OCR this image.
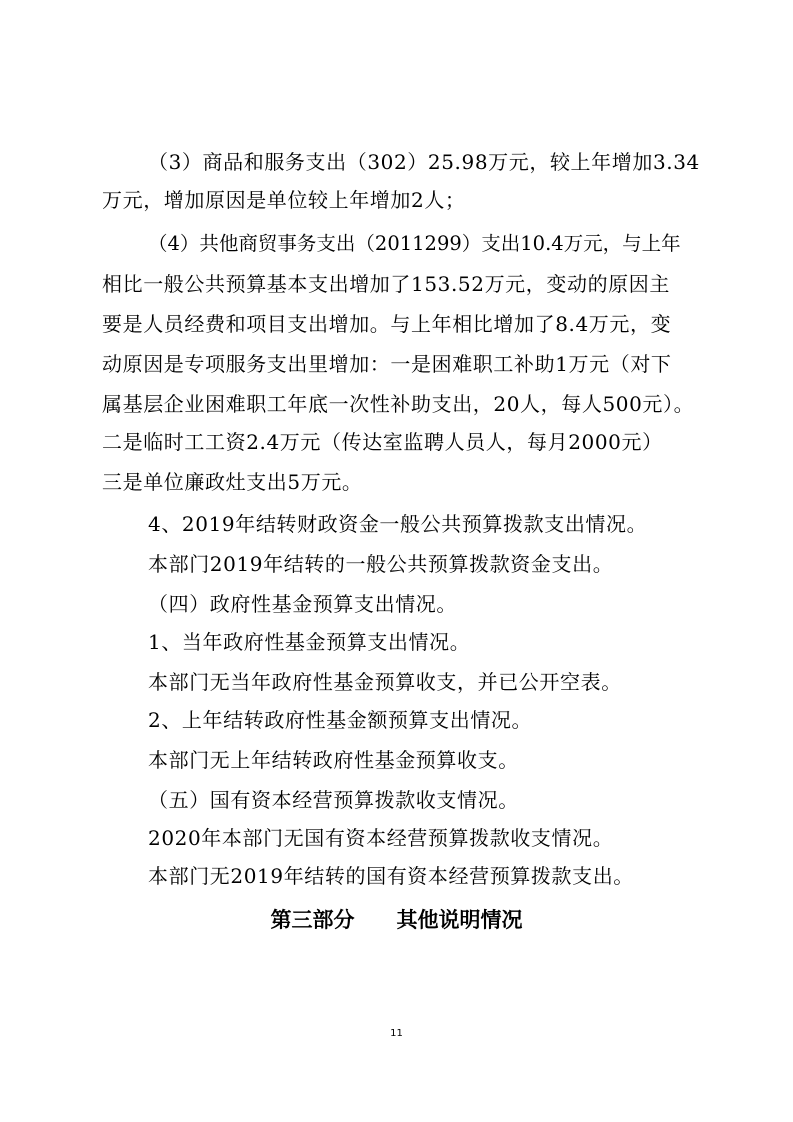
（3）商品和服务支出（302）25.98万元，较上年增加3.34
万元，增加原因是单位较上年增加2人；
（4）共他商贸事务支出（2011299）支出10.4万元，与上年
相比一般公共预算基本支出增加了153.52万元，变动的原因主
要是人员经费和项目支出增加。与上年相比增加了8.4万元，变
动原因是专项服务支出里增加：一是困难职工补助1万元（对下
属基层企业困难职工年底一次性补助支出，20人，每人500元）。
二是临时工工资2.4万元（传达室监聘人员人，每月2000元）
三是单位廉政灶支出5万元。
4、2019年结转财政资金一般公共预算拨款支出情况。
本部门2019年结转的一般公共预算拨款资金支出。
（四）政府性基金预算支出情况。
1、当年政府性基金预算支出情况。
本部门无当年政府性基金预算收支，并已公开空表。
2、上年结转政府性基金额预算支出情况。
本部门无上年结转政府性基金预算收支。
（五）国有资本经营预算拨款收支情况。
2020年本部门无国有资本经营预算拨款收支情况。
本部门无2019年结转的国有资本经营预算拨款支出。
第三部分　　其他说明情况
11
